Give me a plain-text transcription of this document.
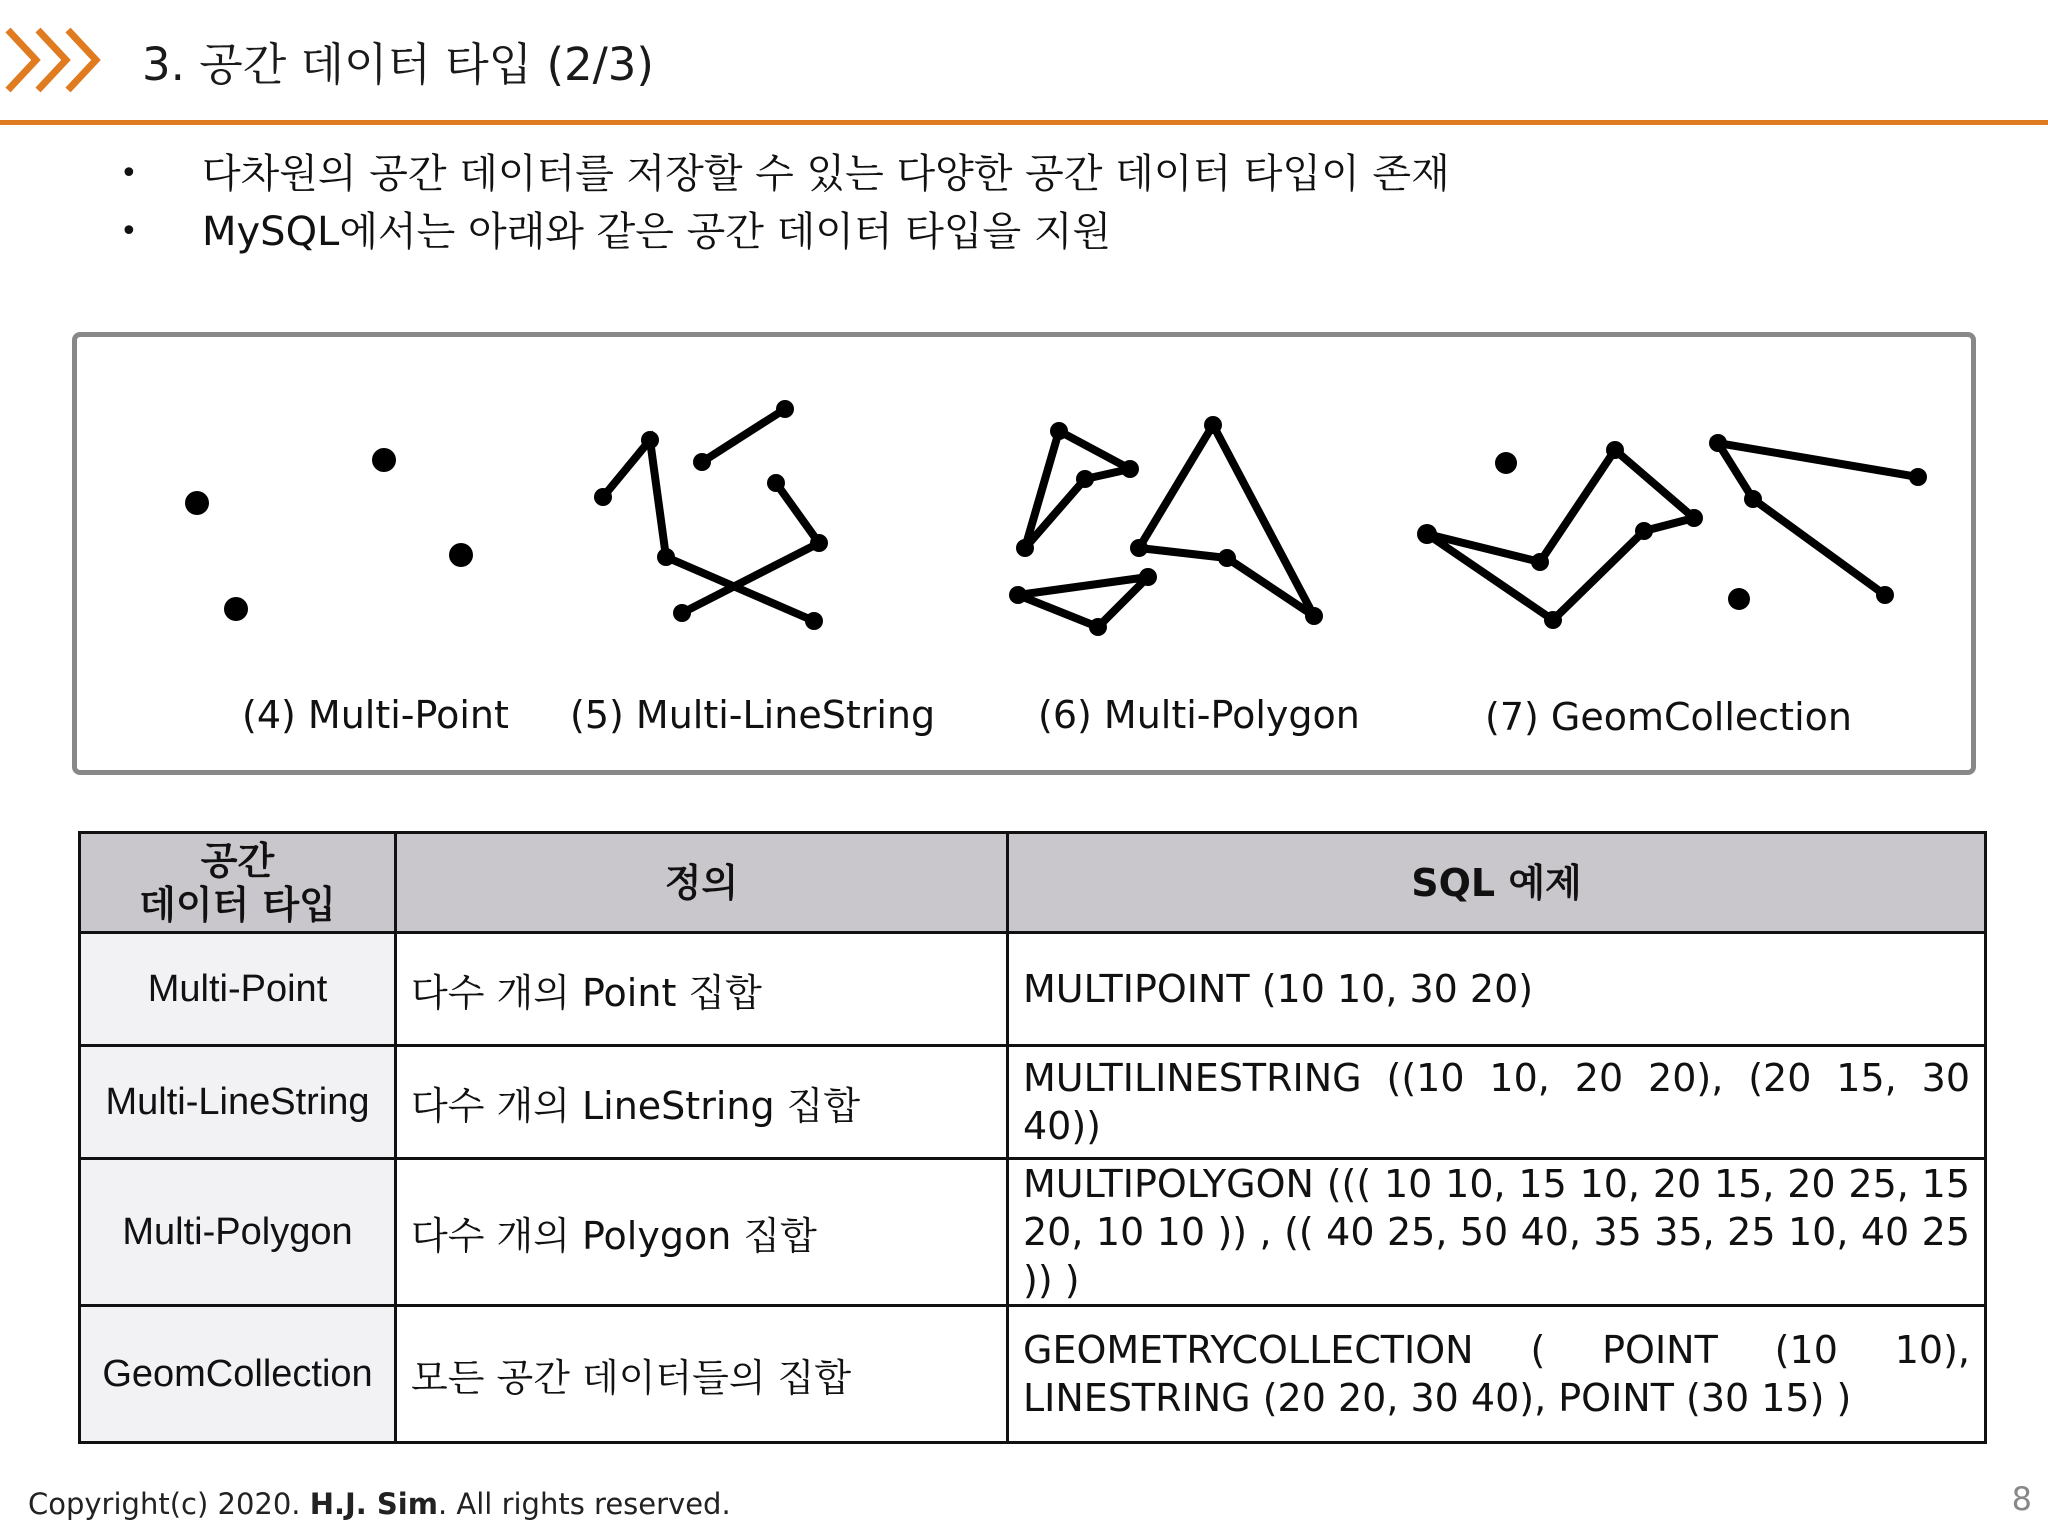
3. 공간 데이터 타입 (2/3)
• 다차원의 공간 데이터를 저장할 수 있는 다양한 공간 데이터 타입이 존재
• MySQL에서는 아래와 같은 공간 데이터 타입을 지원
(4) Multi-Point (5) Multi-LineString	(6) Multi-Polygon	(7) GeomCollection
공간
데이터 타입	정의	SQL 예제
Multi-Point	다수 개의 Point 집합	MULTIPOINT (10 10, 30 20)
Multi-LineString	다수 개의 LineString 집합	MULTILINESTRING ((10 10, 20 20), (20 15, 30 40))
Multi-Polygon	다수 개의 Polygon 집합	MULTIPOLYGON ((( 10 10, 15 10, 20 15, 20 25, 15 20, 10 10 )) , (( 40 25, 50 40, 35 35, 25 10, 40 25 )) )
GeomCollection	모든 공간 데이터들의 집합	GEOMETRYCOLLECTION ( POINT (10 10), LINESTRING (20 20, 30 40), POINT (30 15) )
Copyright(c) 2020. H.J. Sim. All rights reserved.	8
